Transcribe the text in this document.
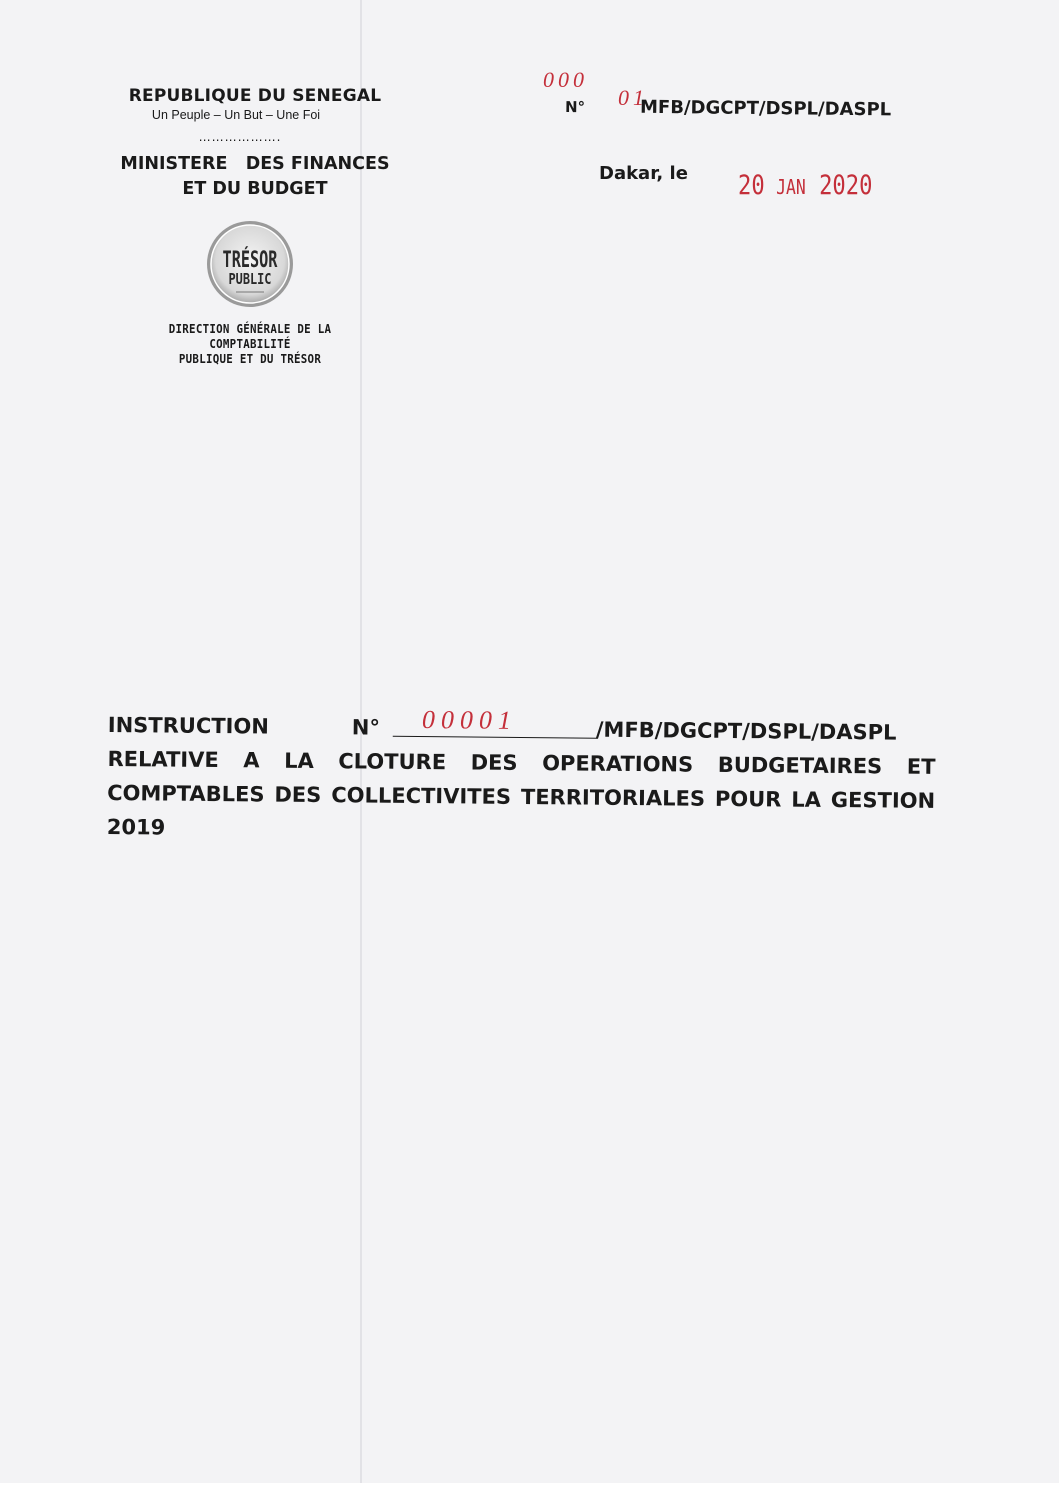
REPUBLIQUE DU SENEGAL
Un Peuple – Un But – Une Foi
……………….
MINISTERE   DES FINANCES
ET DU BUDGET
TRÉSOR
PUBLIC
DIRECTION GÉNÉRALE DE LA COMPTABILITÉ
PUBLIQUE ET DU TRÉSOR
000
01
N°	MFB/DGCPT/DSPL/DASPL
Dakar, le 20 JAN 2020
INSTRUCTION	N° 00001	/MFB/DGCPT/DSPL/DASPL
RELATIVE A LA CLOTURE DES OPERATIONS BUDGETAIRES ET COMPTABLES DES COLLECTIVITES TERRITORIALES POUR LA GESTION 2019
